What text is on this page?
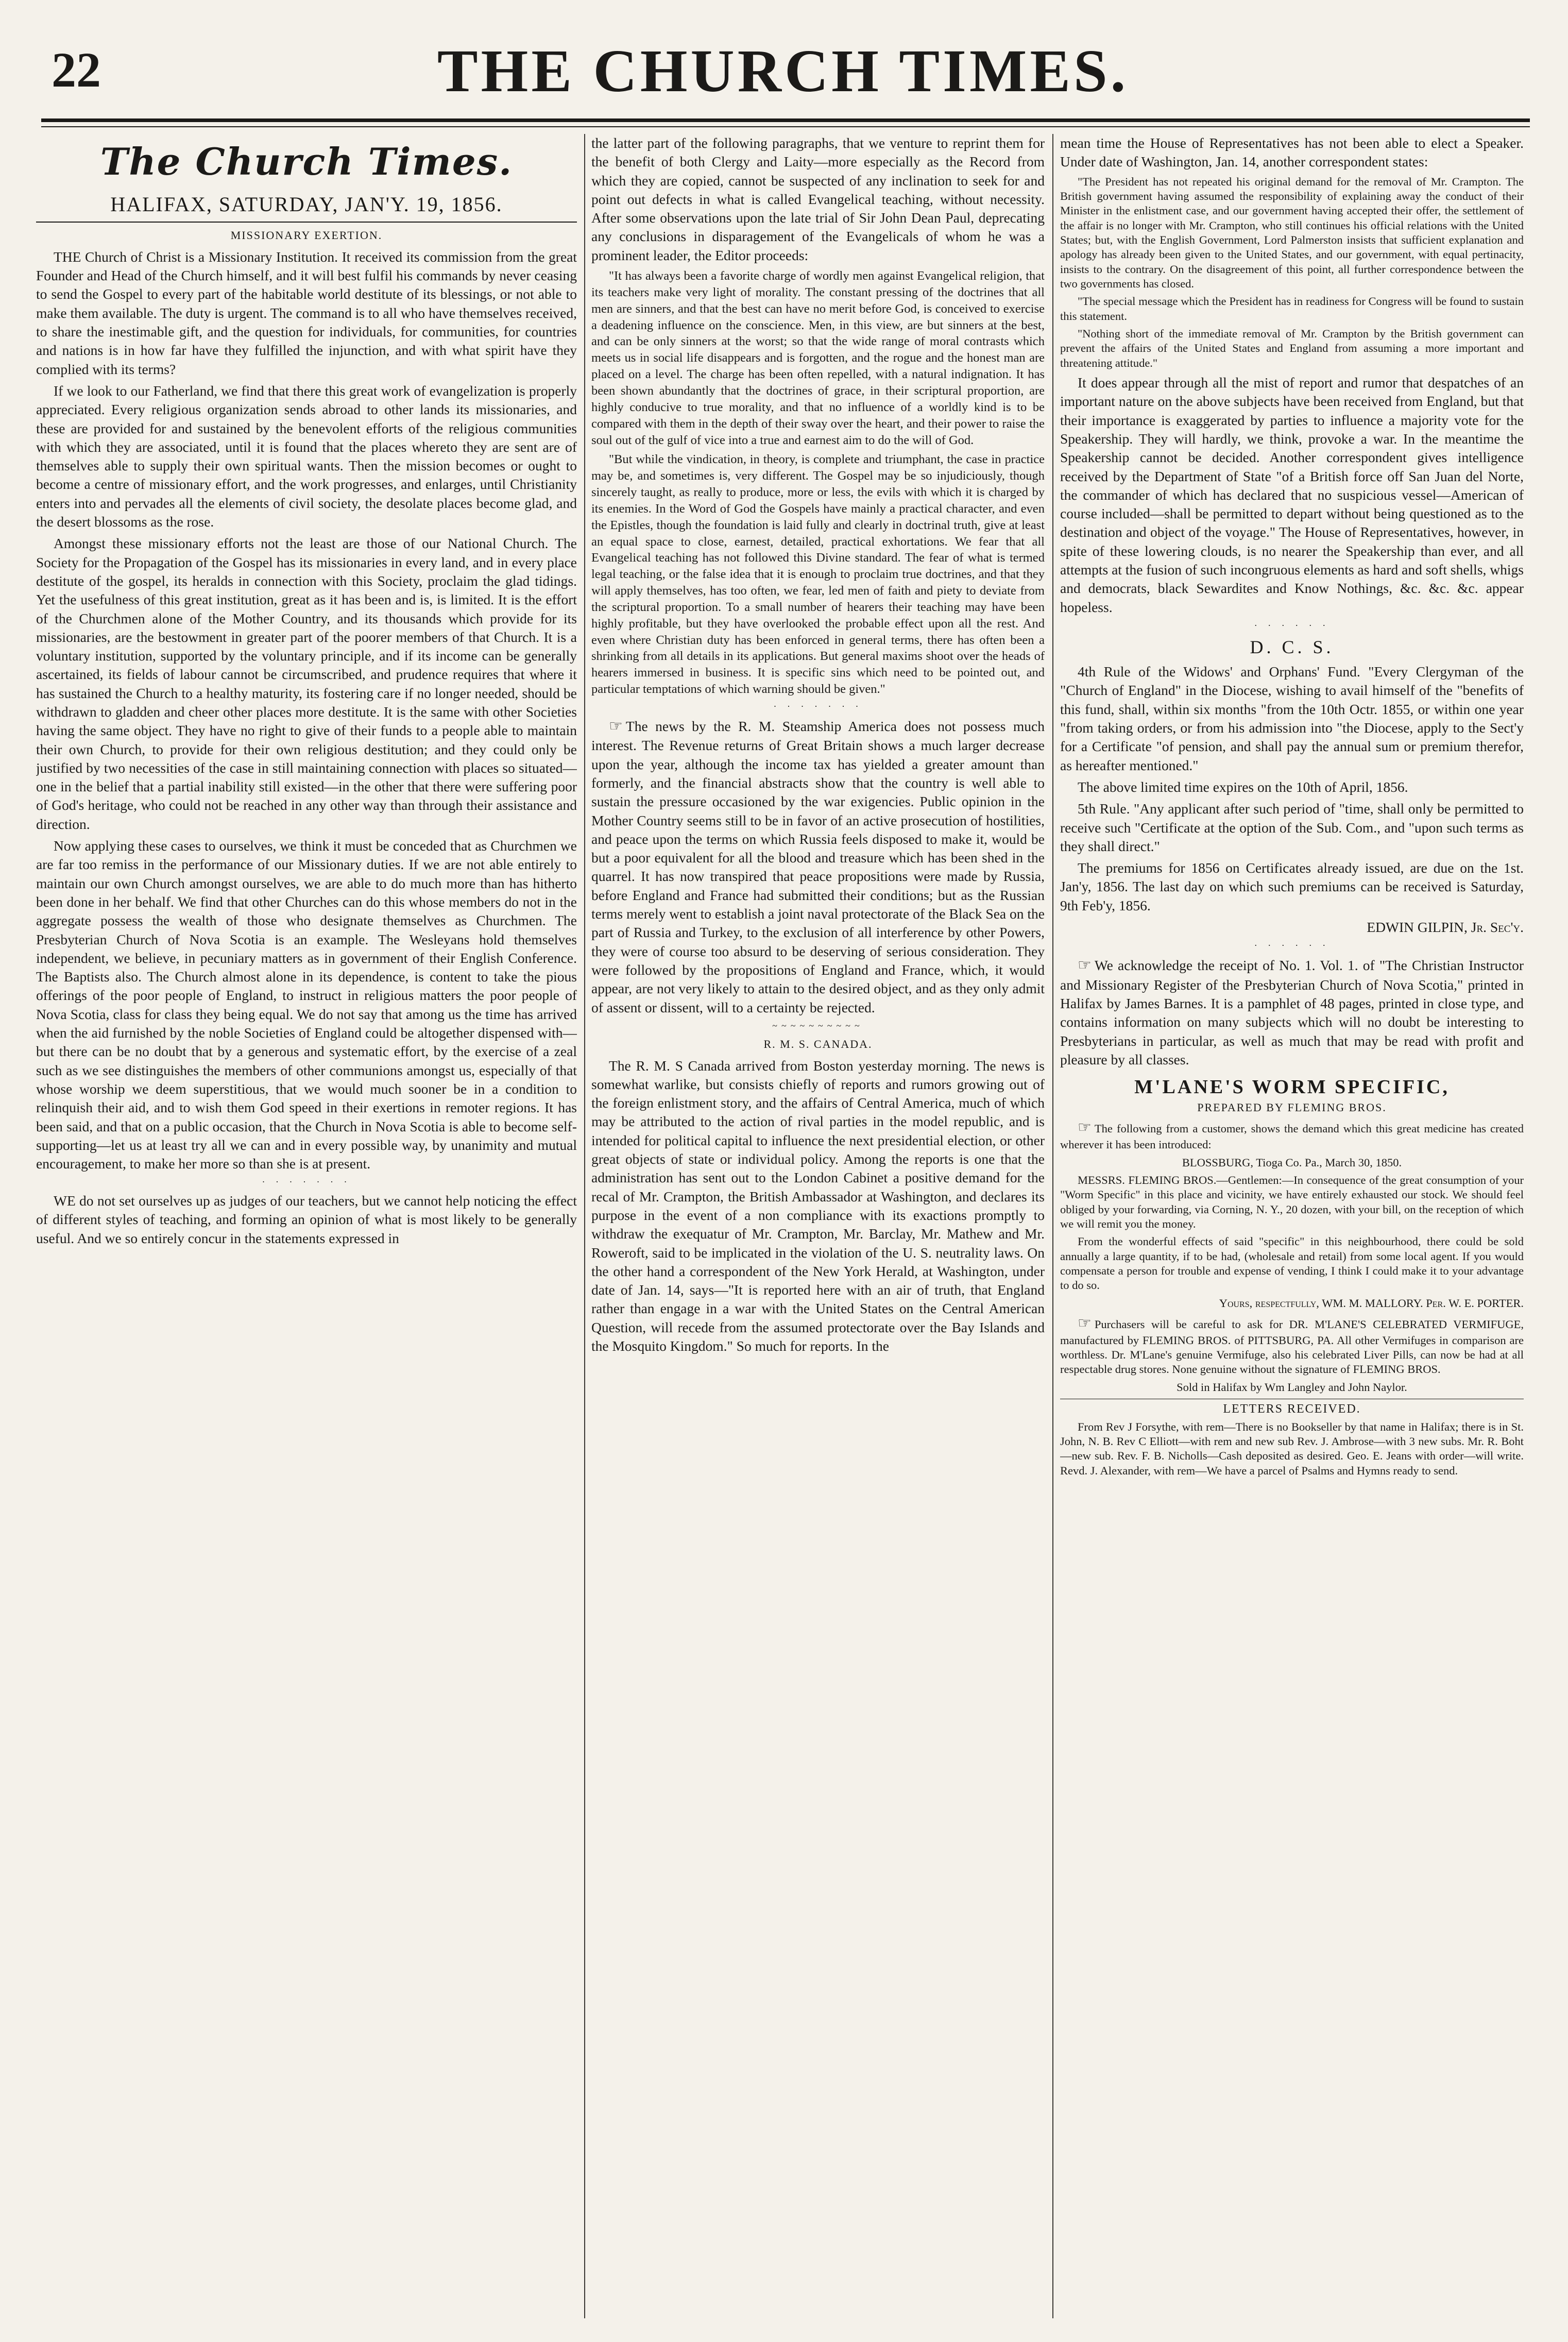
22	THE CHURCH TIMES.
The Church Times.
HALIFAX, SATURDAY, JAN'Y. 19, 1856.
MISSIONARY EXERTION.

THE Church of Christ is a Missionary Institution. It received its commission from the great Founder and Head of the Church himself, and it will best fulfil his commands by never ceasing to send the Gospel to every part of the habitable world destitute of its blessings, or not able to make them available. The duty is urgent. The command is to all who have themselves received, to share the inestimable gift, and the question for individuals, for communities, for countries and nations is in how far have they fulfilled the injunction, and with what spirit have they complied with its terms?

If we look to our Fatherland, we find that there this great work of evangelization is properly appreciated. Every religious organization sends abroad to other lands its missionaries, and these are provided for and sustained by the benevolent efforts of the religious communities with which they are associated, until it is found that the places whereto they are sent are of themselves able to supply their own spiritual wants. Then the mission becomes or ought to become a centre of missionary effort, and the work progresses, and enlarges, until Christianity enters into and pervades all the elements of civil society, the desolate places become glad, and the desert blossoms as the rose.

Amongst these missionary efforts not the least are those of our National Church. The Society for the Propagation of the Gospel has its missionaries in every land, and in every place destitute of the gospel, its heralds in connection with this Society, proclaim the glad tidings. Yet the usefulness of this great institution, great as it has been and is, is limited. It is the effort of the Churchmen alone of the Mother Country, and its thousands which provide for its missionaries, are the bestowment in greater part of the poorer members of that Church. It is a voluntary institution, supported by the voluntary principle, and if its income can be generally ascertained, its fields of labour cannot be circumscribed, and prudence requires that where it has sustained the Church to a healthy maturity, its fostering care if no longer needed, should be withdrawn to gladden and cheer other places more destitute. It is the same with other Societies having the same object. They have no right to give of their funds to a people able to maintain their own Church, to provide for their own religious destitution; and they could only be justified by two necessities of the case in still maintaining connection with places so situated—one in the belief that a partial inability still existed—in the other that there were suffering poor of God's heritage, who could not be reached in any other way than through their assistance and direction.

Now applying these cases to ourselves, we think it must be conceded that as Churchmen we are far too remiss in the performance of our Missionary duties. If we are not able entirely to maintain our own Church amongst ourselves, we are able to do much more than has hitherto been done in her behalf. We find that other Churches can do this whose members do not in the aggregate possess the wealth of those who designate themselves as Churchmen. The Presbyterian Church of Nova Scotia is an example. The Wesleyans hold themselves independent, we believe, in pecuniary matters as in government of their English Conference. The Baptists also. The Church almost alone in its dependence, is content to take the pious offerings of the poor people of England, to instruct in religious matters the poor people of Nova Scotia, class for class they being equal. We do not say that among us the time has arrived when the aid furnished by the noble Societies of England could be altogether dispensed with—but there can be no doubt that by a generous and systematic effort, by the exercise of a zeal such as we see distinguishes the members of other communions amongst us, especially of that whose worship we deem superstitious, that we would much sooner be in a condition to relinquish their aid, and to wish them God speed in their exertions in remoter regions. It has been said, and that on a public occasion, that the Church in Nova Scotia is able to become self-supporting—let us at least try all we can and in every possible way, by unanimity and mutual encouragement, to make her more so than she is at present.

· · · · · · ·

WE do not set ourselves up as judges of our teachers, but we cannot help noticing the effect of different styles of teaching, and forming an opinion of what is most likely to be generally useful. And we so entirely concur in the statements expressed in

the latter part of the following paragraphs, that we venture to reprint them for the benefit of both Clergy and Laity—more especially as the Record from which they are copied, cannot be suspected of any inclination to seek for and point out defects in what is called Evangelical teaching, without necessity. After some observations upon the late trial of Sir John Dean Paul, deprecating any conclusions in disparagement of the Evangelicals of whom he was a prominent leader, the Editor proceeds:

"It has always been a favorite charge of wordly men against Evangelical religion, that its teachers make very light of morality. The constant pressing of the doctrines that all men are sinners, and that the best can have no merit before God, is conceived to exercise a deadening influence on the conscience. Men, in this view, are but sinners at the best, and can be only sinners at the worst; so that the wide range of moral contrasts which meets us in social life disappears and is forgotten, and the rogue and the honest man are placed on a level. The charge has been often repelled, with a natural indignation. It has been shown abundantly that the doctrines of grace, in their scriptural proportion, are highly conducive to true morality, and that no influence of a worldly kind is to be compared with them in the depth of their sway over the heart, and their power to raise the soul out of the gulf of vice into a true and earnest aim to do the will of God.

"But while the vindication, in theory, is complete and triumphant, the case in practice may be, and sometimes is, very different. The Gospel may be so injudiciously, though sincerely taught, as really to produce, more or less, the evils with which it is charged by its enemies. In the Word of God the Gospels have mainly a practical character, and even the Epistles, though the foundation is laid fully and clearly in doctrinal truth, give at least an equal space to close, earnest, detailed, practical exhortations. We fear that all Evangelical teaching has not followed this Divine standard. The fear of what is termed legal teaching, or the false idea that it is enough to proclaim true doctrines, and that they will apply themselves, has too often, we fear, led men of faith and piety to deviate from the scriptural proportion. To a small number of hearers their teaching may have been highly profitable, but they have overlooked the probable effect upon all the rest. And even where Christian duty has been enforced in general terms, there has often been a shrinking from all details in its applications. But general maxims shoot over the heads of hearers immersed in business. It is specific sins which need to be pointed out, and particular temptations of which warning should be given."

· · · · · · ·

☞ The news by the R. M. Steamship America does not possess much interest. The Revenue returns of Great Britain shows a much larger decrease upon the year, although the income tax has yielded a greater amount than formerly, and the financial abstracts show that the country is well able to sustain the pressure occasioned by the war exigencies. Public opinion in the Mother Country seems still to be in favor of an active prosecution of hostilities, and peace upon the terms on which Russia feels disposed to make it, would be but a poor equivalent for all the blood and treasure which has been shed in the quarrel. It has now transpired that peace propositions were made by Russia, before England and France had submitted their conditions; but as the Russian terms merely went to establish a joint naval protectorate of the Black Sea on the part of Russia and Turkey, to the exclusion of all interference by other Powers, they were of course too absurd to be deserving of serious consideration. They were followed by the propositions of England and France, which, it would appear, are not very likely to attain to the desired object, and as they only admit of assent or dissent, will to a certainty be rejected.

~~~~~~~~~~
R. M. S. CANADA.

The R. M. S Canada arrived from Boston yesterday morning. The news is somewhat warlike, but consists chiefly of reports and rumors growing out of the foreign enlistment story, and the affairs of Central America, much of which may be attributed to the action of rival parties in the model republic, and is intended for political capital to influence the next presidential election, or other great objects of state or individual policy. Among the reports is one that the administration has sent out to the London Cabinet a positive demand for the recal of Mr. Crampton, the British Ambassador at Washington, and declares its purpose in the event of a non compliance with its exactions promptly to withdraw the exequatur of Mr. Crampton, Mr. Barclay, Mr. Mathew and Mr. Roweroft, said to be implicated in the violation of the U. S. neutrality laws. On the other hand a correspondent of the New York Herald, at Washington, under date of Jan. 14, says—"It is reported here with an air of truth, that England rather than engage in a war with the United States on the Central American Question, will recede from the assumed protectorate over the Bay Islands and the Mosquito Kingdom." So much for reports. In the

mean time the House of Representatives has not been able to elect a Speaker. Under date of Washington, Jan. 14, another correspondent states:

"The President has not repeated his original demand for the removal of Mr. Crampton. The British government having assumed the responsibility of explaining away the conduct of their Minister in the enlistment case, and our government having accepted their offer, the settlement of the affair is no longer with Mr. Crampton, who still continues his official relations with the United States; but, with the English Government, Lord Palmerston insists that sufficient explanation and apology has already been given to the United States, and our government, with equal pertinacity, insists to the contrary. On the disagreement of this point, all further correspondence between the two governments has closed.

"The special message which the President has in readiness for Congress will be found to sustain this statement.

"Nothing short of the immediate removal of Mr. Crampton by the British government can prevent the affairs of the United States and England from assuming a more important and threatening attitude."

It does appear through all the mist of report and rumor that despatches of an important nature on the above subjects have been received from England, but that their importance is exaggerated by parties to influence a majority vote for the Speakership. They will hardly, we think, provoke a war. In the meantime the Speakership cannot be decided. Another correspondent gives intelligence received by the Department of State "of a British force off San Juan del Norte, the commander of which has declared that no suspicious vessel—American of course included—shall be permitted to depart without being questioned as to the destination and object of the voyage." The House of Representatives, however, in spite of these lowering clouds, is no nearer the Speakership than ever, and all attempts at the fusion of such incongruous elements as hard and soft shells, whigs and democrats, black Sewardites and Know Nothings, &c. &c. &c. appear hopeless.

· · · · · ·
D. C. S.

4th Rule of the Widows' and Orphans' Fund. "Every Clergyman of the "Church of England" in the Diocese, wishing to avail himself of the "benefits of this fund, shall, within six months "from the 10th Octr. 1855, or within one year "from taking orders, or from his admission into "the Diocese, apply to the Sect'y for a Certificate "of pension, and shall pay the annual sum or premium therefor, as hereafter mentioned."

The above limited time expires on the 10th of April, 1856.

5th Rule. "Any applicant after such period of "time, shall only be permitted to receive such "Certificate at the option of the Sub. Com., and "upon such terms as they shall direct."

The premiums for 1856 on Certificates already issued, are due on the 1st. Jan'y, 1856. The last day on which such premiums can be received is Saturday, 9th Feb'y, 1856.

EDWIN GILPIN, Jr. Sec'y.

· · · · · ·

☞ We acknowledge the receipt of No. 1. Vol. 1. of "The Christian Instructor and Missionary Register of the Presbyterian Church of Nova Scotia," printed in Halifax by James Barnes. It is a pamphlet of 48 pages, printed in close type, and contains information on many subjects which will no doubt be interesting to Presbyterians in particular, as well as much that may be read with profit and pleasure by all classes.

M'LANE'S WORM SPECIFIC,
PREPARED BY FLEMING BROS.

☞ The following from a customer, shows the demand which this great medicine has created wherever it has been introduced:

BLOSSBURG, Tioga Co. Pa., March 30, 1850.

MESSRS. FLEMING BROS.—Gentlemen:—In consequence of the great consumption of your "Worm Specific" in this place and vicinity, we have entirely exhausted our stock. We should feel obliged by your forwarding, via Corning, N. Y., 20 dozen, with your bill, on the reception of which we will remit you the money.

From the wonderful effects of said "specific" in this neighbourhood, there could be sold annually a large quantity, if to be had, (wholesale and retail) from some local agent. If you would compensate a person for trouble and expense of vending, I think I could make it to your advantage to do so.

Yours, respectfully, WM. M. MALLORY. Per. W. E. PORTER.

☞ Purchasers will be careful to ask for DR. M'LANE'S CELEBRATED VERMIFUGE, manufactured by FLEMING BROS. of PITTSBURG, PA. All other Vermifuges in comparison are worthless. Dr. M'Lane's genuine Vermifuge, also his celebrated Liver Pills, can now be had at all respectable drug stores. None genuine without the signature of FLEMING BROS.

Sold in Halifax by Wm Langley and John Naylor.

LETTERS RECEIVED.

From Rev J Forsythe, with rem—There is no Bookseller by that name in Halifax; there is in St. John, N. B. Rev C Elliott—with rem and new sub Rev. J. Ambrose—with 3 new subs. Mr. R. Boht—new sub. Rev. F. B. Nicholls—Cash deposited as desired. Geo. E. Jeans with order—will write. Revd. J. Alexander, with rem—We have a parcel of Psalms and Hymns ready to send.
